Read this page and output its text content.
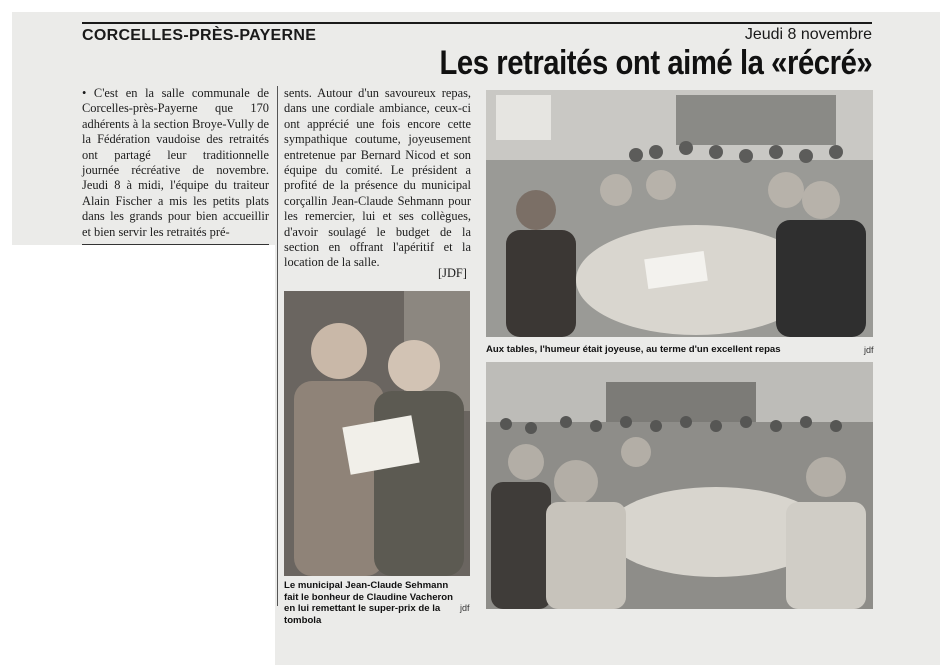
CORCELLES-PRÈS-PAYERNE	Jeudi 8 novembre
Les retraités ont aimé la «récré»
• C'est en la salle communale de Corcelles-près-Payerne que 170 adhérents à la section Broye-Vully de la Fédération vaudoise des retraités ont partagé leur traditionnelle journée récréative de novembre. Jeudi 8 à midi, l'équipe du traiteur Alain Fischer a mis les petits plats dans les grands pour bien accueillir et bien servir les retraités pré-
sents. Autour d'un savoureux repas, dans une cordiale ambiance, ceux-ci ont apprécié une fois encore cette sympathique coutume, joyeusement entretenue par Bernard Nicod et son équipe du comité. Le président a profité de la présence du municipal corçallin Jean-Claude Sehmann pour les remercier, lui et ses collègues, d'avoir soulagé le budget de la section en offrant l'apéritif et la location de la salle.
[JDF]
Aux tables, l'humeur était joyeuse, au terme d'un excellent repas	jdf
Le municipal Jean-Claude Sehmann fait le bonheur de Claudine Vacheron en lui remettant le super-prix de la tombola
jdf
